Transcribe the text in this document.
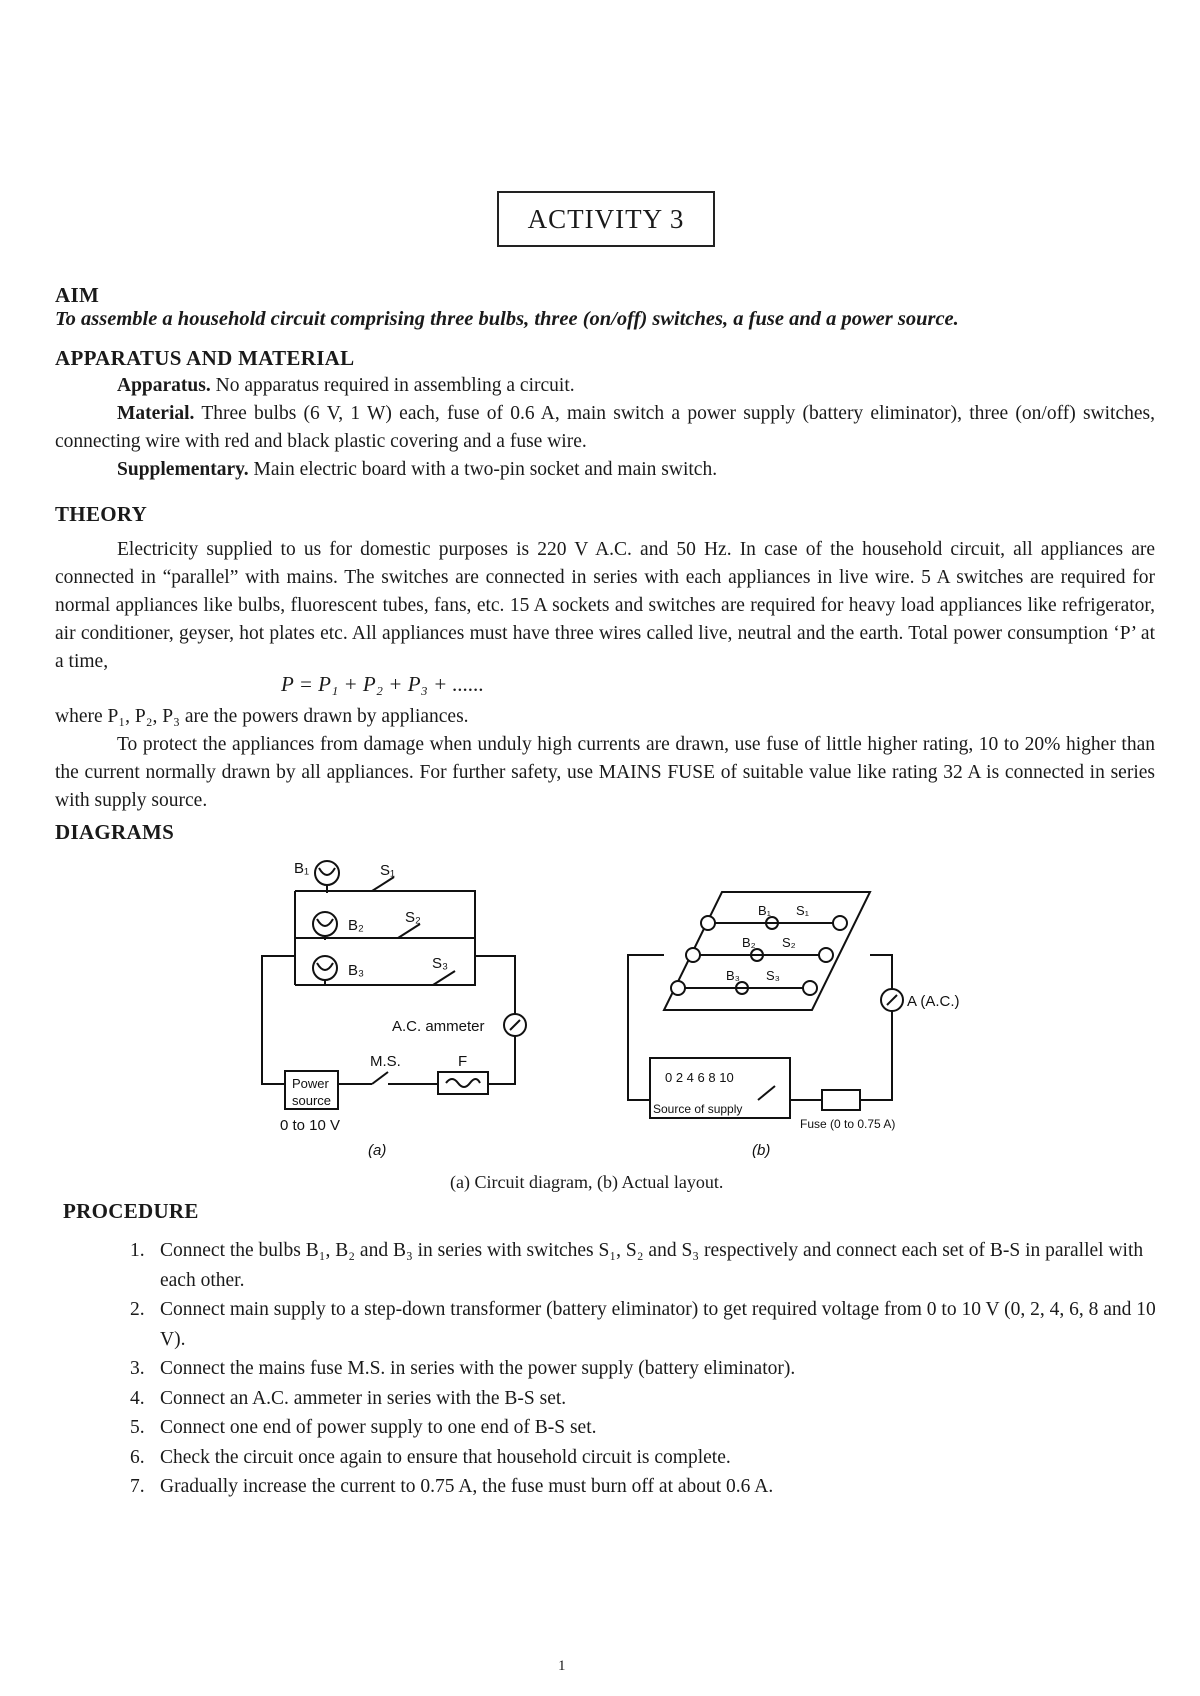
ACTIVITY 3
AIM
To assemble a household circuit comprising three bulbs, three (on/off) switches, a fuse and a power source.
APPARATUS AND MATERIAL
Apparatus. No apparatus required in assembling a circuit.
Material. Three bulbs (6 V, 1 W) each, fuse of 0.6 A, main switch a power supply (battery eliminator), three (on/off) switches, connecting wire with red and black plastic covering and a fuse wire.
Supplementary. Main electric board with a two-pin socket and main switch.
THEORY
Electricity supplied to us for domestic purposes is 220 V A.C. and 50 Hz. In case of the household circuit, all appliances are connected in “parallel” with mains. The switches are connected in series with each appliances in live wire. 5 A switches are required for normal appliances like bulbs, fluorescent tubes, fans, etc. 15 A sockets and switches are required for heavy load appliances like refrigerator, air conditioner, geyser, hot plates etc. All appliances must have three wires called live, neutral and the earth. Total power consumption ‘P’ at a time,
P = P₁ + P₂ + P₃ + ......
where P₁, P₂, P₃ are the powers drawn by appliances.
To protect the appliances from damage when unduly high currents are drawn, use fuse of little higher rating, 10 to 20% higher than the current normally drawn by all appliances. For further safety, use MAINS FUSE of suitable value like rating 32 A is connected in series with supply source.
DIAGRAMS
B₁
B₂
B₃
S₁
S₂
S₃
A.C. ammeter
M.S.	F
Power
source
0 to 10 V
(a)
B₁ S₁
B₂ S₂
B₃ S₃
A (A.C.)
0 2 4 6 8 10
Source of supply
Fuse (0 to 0.75 A)
(b)
(a) Circuit diagram, (b) Actual layout.
PROCEDURE
1. Connect the bulbs B₁, B₂ and B₃ in series with switches S₁, S₂ and S₃ respectively and connect each set of B-S in parallel with each other.
2. Connect main supply to a step-down transformer (battery eliminator) to get required voltage from 0 to 10 V (0, 2, 4, 6, 8 and 10 V).
3. Connect the mains fuse M.S. in series with the power supply (battery eliminator).
4. Connect an A.C. ammeter in series with the B-S set.
5. Connect one end of power supply to one end of B-S set.
6. Check the circuit once again to ensure that household circuit is complete.
7. Gradually increase the current to 0.75 A, the fuse must burn off at about 0.6 A.
1
